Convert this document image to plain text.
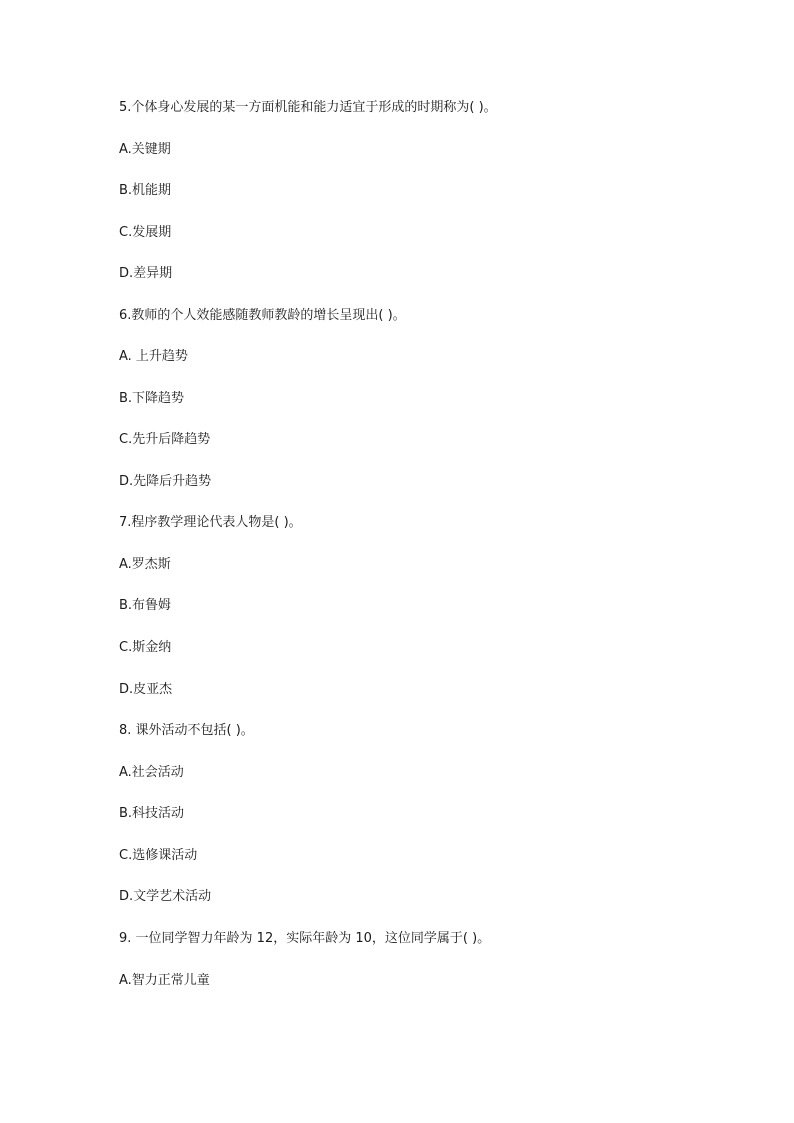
5.个体身心发展的某一方面机能和能力适宜于形成的时期称为( )。
A.关键期
B.机能期
C.发展期
D.差异期
6.教师的个人效能感随教师教龄的增长呈现出( )。
A. 上升趋势
B.下降趋势
C.先升后降趋势
D.先降后升趋势
7.程序教学理论代表人物是( )。
A.罗杰斯
B.布鲁姆
C.斯金纳
D.皮亚杰
8. 课外活动不包括( )。
A.社会活动
B.科技活动
C.选修课活动
D.文学艺术活动
9. 一位同学智力年龄为 12，实际年龄为 10，这位同学属于( )。
A.智力正常儿童
